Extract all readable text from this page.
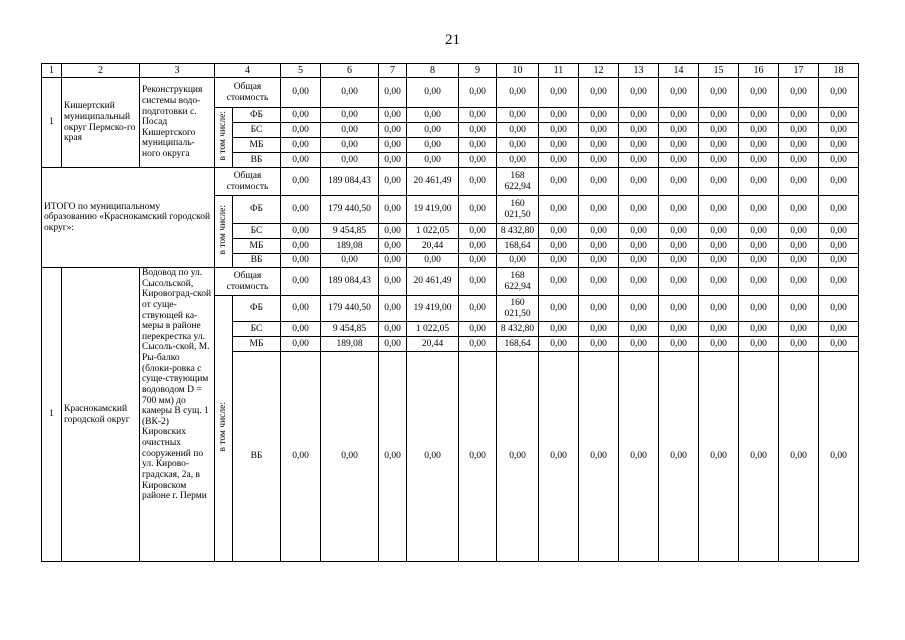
21
1	2	3	4		5	6	7	8	9	10	11	12	13	14	15	16	17	18
1	Кишертский муниципальный округ Пермско-го края	Реконструкция системы водо-подготовки с. Посад Кишертского муниципаль-ного округа	Общая стоимость		0,00	0,00	0,00	0,00	0,00	0,00	0,00	0,00	0,00	0,00	0,00	0,00	0,00	0,00
			в том числе:	ФБ	0,00	0,00	0,00	0,00	0,00	0,00	0,00	0,00	0,00	0,00	0,00	0,00	0,00	0,00
				БС	0,00	0,00	0,00	0,00	0,00	0,00	0,00	0,00	0,00	0,00	0,00	0,00	0,00	0,00
				МБ	0,00	0,00	0,00	0,00	0,00	0,00	0,00	0,00	0,00	0,00	0,00	0,00	0,00	0,00
				ВБ	0,00	0,00	0,00	0,00	0,00	0,00	0,00	0,00	0,00	0,00	0,00	0,00	0,00	0,00
ИТОГО по муниципальному образованию «Краснокамский городской округ»:			Общая стоимость		0,00	189 084,43	0,00	20 461,49	0,00	168 622,94	0,00	0,00	0,00	0,00	0,00	0,00	0,00	0,00
			в том числе:	ФБ	0,00	179 440,50	0,00	19 419,00	0,00	160 021,50	0,00	0,00	0,00	0,00	0,00	0,00	0,00	0,00
				БС	0,00	9 454,85	0,00	1 022,05	0,00	8 432,80	0,00	0,00	0,00	0,00	0,00	0,00	0,00	0,00
				МБ	0,00	189,08	0,00	20,44	0,00	168,64	0,00	0,00	0,00	0,00	0,00	0,00	0,00	0,00
				ВБ	0,00	0,00	0,00	0,00	0,00	0,00	0,00	0,00	0,00	0,00	0,00	0,00	0,00	0,00
1	Краснокамский городской округ	Водовод по ул. Сысольской, Кировоград-ской от суще-ствующей ка-меры в районе перекрестка ул. Сысоль-ской, М. Ры-балко (блоки-ровка с суще-ствующим водоводом D = 700 мм) до камеры В сущ. 1 (ВК-2) Кировских очистных сооружений по ул. Кирово-градская, 2а, в Кировском районе г. Перми	Общая стоимость		0,00	189 084,43	0,00	20 461,49	0,00	168 622,94	0,00	0,00	0,00	0,00	0,00	0,00	0,00	0,00
			в том числе:	ФБ	0,00	179 440,50	0,00	19 419,00	0,00	160 021,50	0,00	0,00	0,00	0,00	0,00	0,00	0,00	0,00
				БС	0,00	9 454,85	0,00	1 022,05	0,00	8 432,80	0,00	0,00	0,00	0,00	0,00	0,00	0,00	0,00
				МБ	0,00	189,08	0,00	20,44	0,00	168,64	0,00	0,00	0,00	0,00	0,00	0,00	0,00	0,00
				ВБ	0,00	0,00	0,00	0,00	0,00	0,00	0,00	0,00	0,00	0,00	0,00	0,00	0,00	0,00
